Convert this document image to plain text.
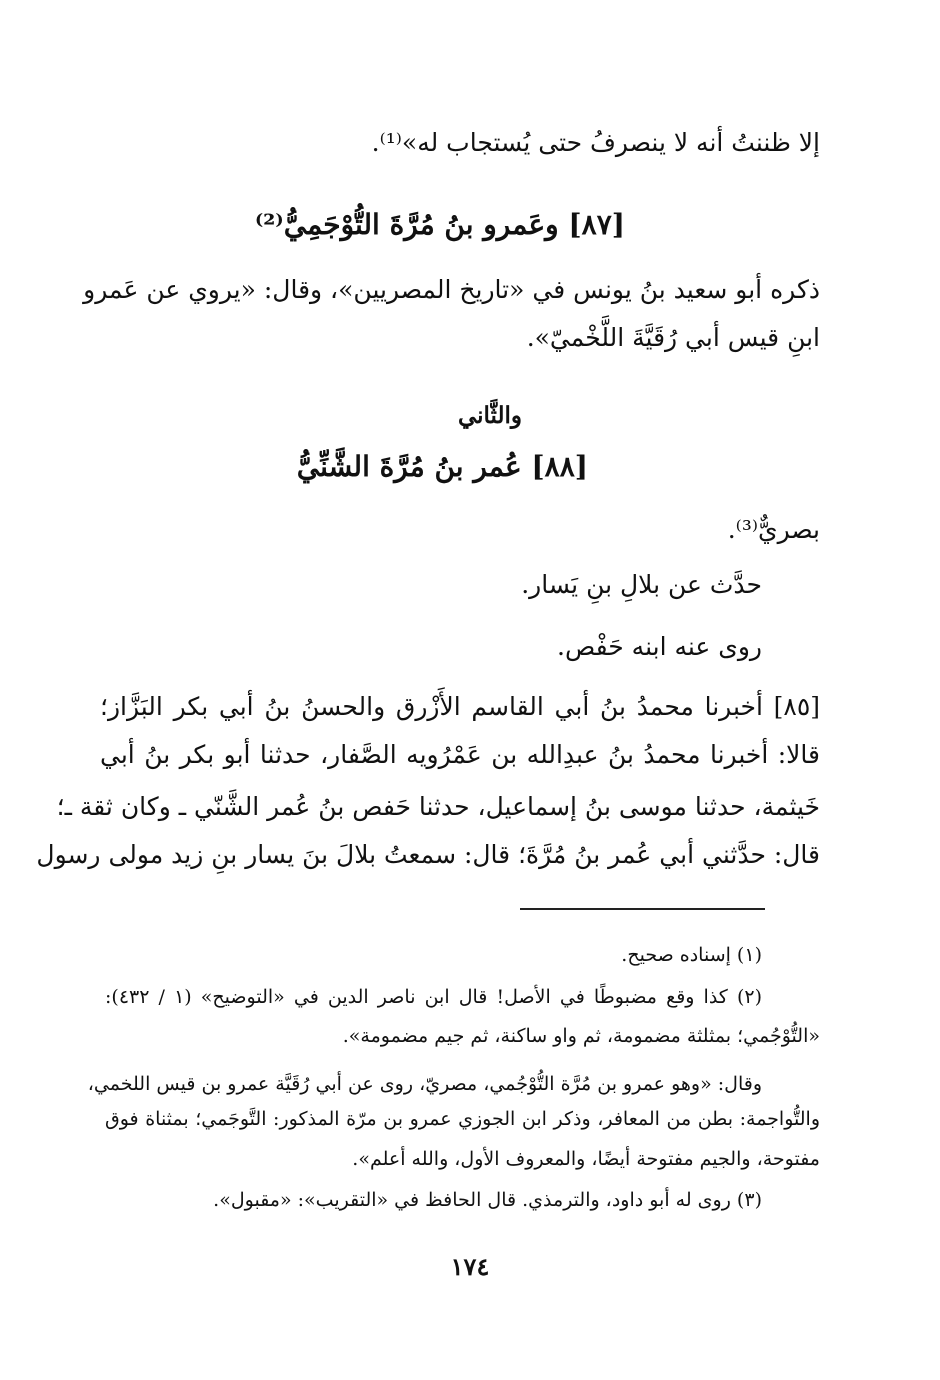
إلا ظننتُ أنه لا ينصرفُ حتى يُستجاب له»⁽¹⁾.
[٨٧] وعَمرو بنُ مُرَّةَ التُّوْجَمِيُّ⁽²⁾
ذكره أبو سعيد بنُ يونس في «تاريخ المصريين»، وقال: «يروي عن عَمرو
ابنِ قيس أبي رُقَيَّةَ اللَّخْميّ».
والثَّاني
[٨٨] عُمر بنُ مُرَّةَ الشَّنِّيُّ
بصريٌّ⁽³⁾.
حدَّث عن بلالِ بنِ يَسار.
روى عنه ابنه حَفْص.
[٨٥] أخبرنا محمدُ بنُ أبي القاسم الأَزْرق والحسنُ بنُ أبي بكر البَزَّاز؛
قالا: أخبرنا محمدُ بنُ عبدِالله بن عَمْرُويه الصَّفار، حدثنا أبو بكر بنُ أبي
خَيثمة، حدثنا موسى بنُ إسماعيل، حدثنا حَفص بنُ عُمر الشَّنّي ـ وكان ثقة ـ؛
قال: حدَّثني أبي عُمر بنُ مُرَّةَ؛ قال: سمعتُ بلالَ بنَ يسار بنِ زيد مولى رسول
(١) إسناده صحيح.
(٢) كذا وقع مضبوطًا في الأصل! قال ابن ناصر الدين في «التوضيح» (١ / ٤٣٢):
«التُّوْجُمي؛ بمثلثة مضمومة، ثم واو ساكنة، ثم جيم مضمومة».
وقال: «وهو عمرو بن مُرَّة التُّوْجُمي، مصريّ، روى عن أبي رُقَيَّة عمرو بن قيس اللخمي،
والتُّواجمة: بطن من المعافر، وذكر ابن الجوزي عمرو بن مرّة المذكور: التَّوجَمي؛ بمثناة فوق
مفتوحة، والجيم مفتوحة أيضًا، والمعروف الأول، والله أعلم».
(٣) روى له أبو داود، والترمذي. قال الحافظ في «التقريب»: «مقبول».
١٧٤
